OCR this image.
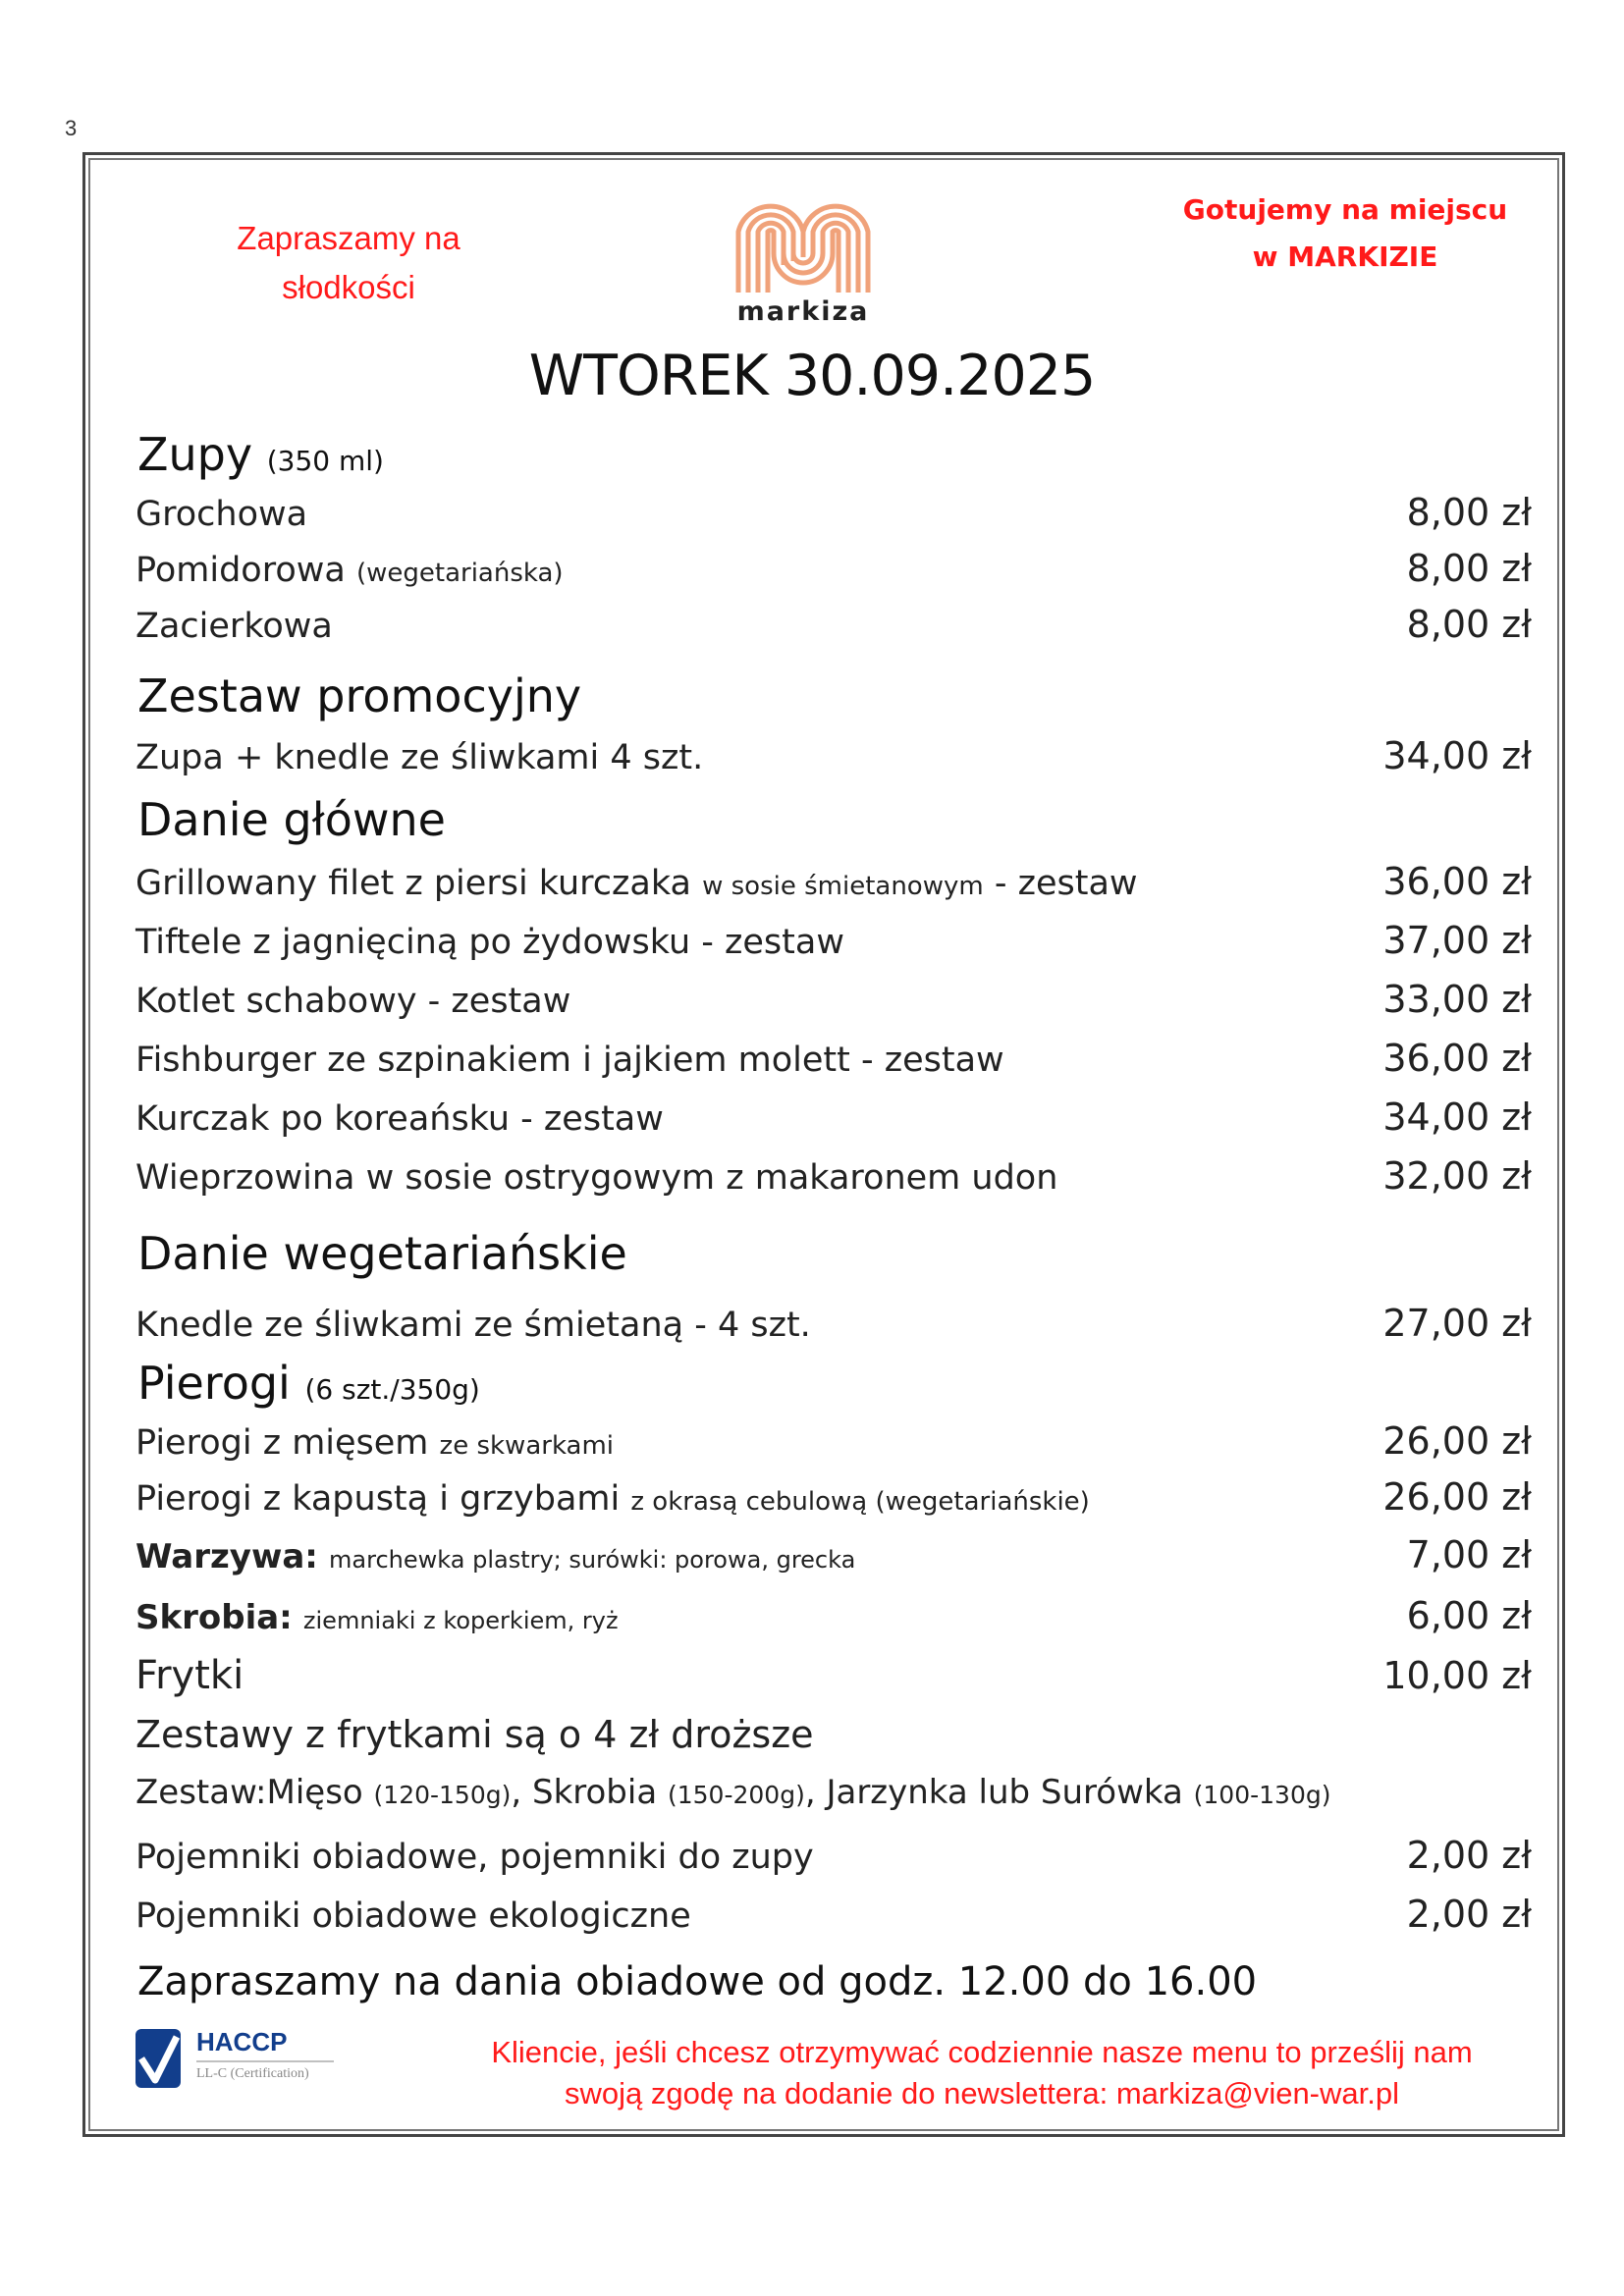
3
Zapraszamy na
słodkości
markiza
Gotujemy na miejscu
w MARKIZIE
WTOREK 30.09.2025
Zupy (350 ml)
Grochowa	8,00 zł
Pomidorowa (wegetariańska)	8,00 zł
Zacierkowa	8,00 zł
Zestaw promocyjny
Zupa + knedle ze śliwkami 4 szt.	34,00 zł
Danie główne
Grillowany filet z piersi kurczaka w sosie śmietanowym - zestaw	36,00 zł
Tiftele z jagnięciną po żydowsku - zestaw	37,00 zł
Kotlet schabowy - zestaw	33,00 zł
Fishburger ze szpinakiem i jajkiem molett - zestaw	36,00 zł
Kurczak po koreańsku - zestaw	34,00 zł
Wieprzowina w sosie ostrygowym z makaronem udon	32,00 zł
Danie wegetariańskie
Knedle ze śliwkami ze śmietaną - 4 szt.	27,00 zł
Pierogi (6 szt./350g)
Pierogi z mięsem ze skwarkami	26,00 zł
Pierogi z kapustą i grzybami z okrasą cebulową (wegetariańskie)	26,00 zł
Warzywa: marchewka plastry; surówki: porowa, grecka	7,00 zł
Skrobia: ziemniaki z koperkiem, ryż	6,00 zł
Frytki	10,00 zł
Zestawy z frytkami są o 4 zł droższe
Zestaw:Mięso (120-150g), Skrobia (150-200g), Jarzynka lub Surówka (100-130g)
Pojemniki obiadowe, pojemniki do zupy	2,00 zł
Pojemniki obiadowe ekologiczne	2,00 zł
Zapraszamy na dania obiadowe od godz. 12.00 do 16.00
HACCP
LL-C (Certification)
Kliencie, jeśli chcesz otrzymywać codziennie nasze menu to prześlij nam
swoją zgodę na dodanie do newslettera: markiza@vien-war.pl
